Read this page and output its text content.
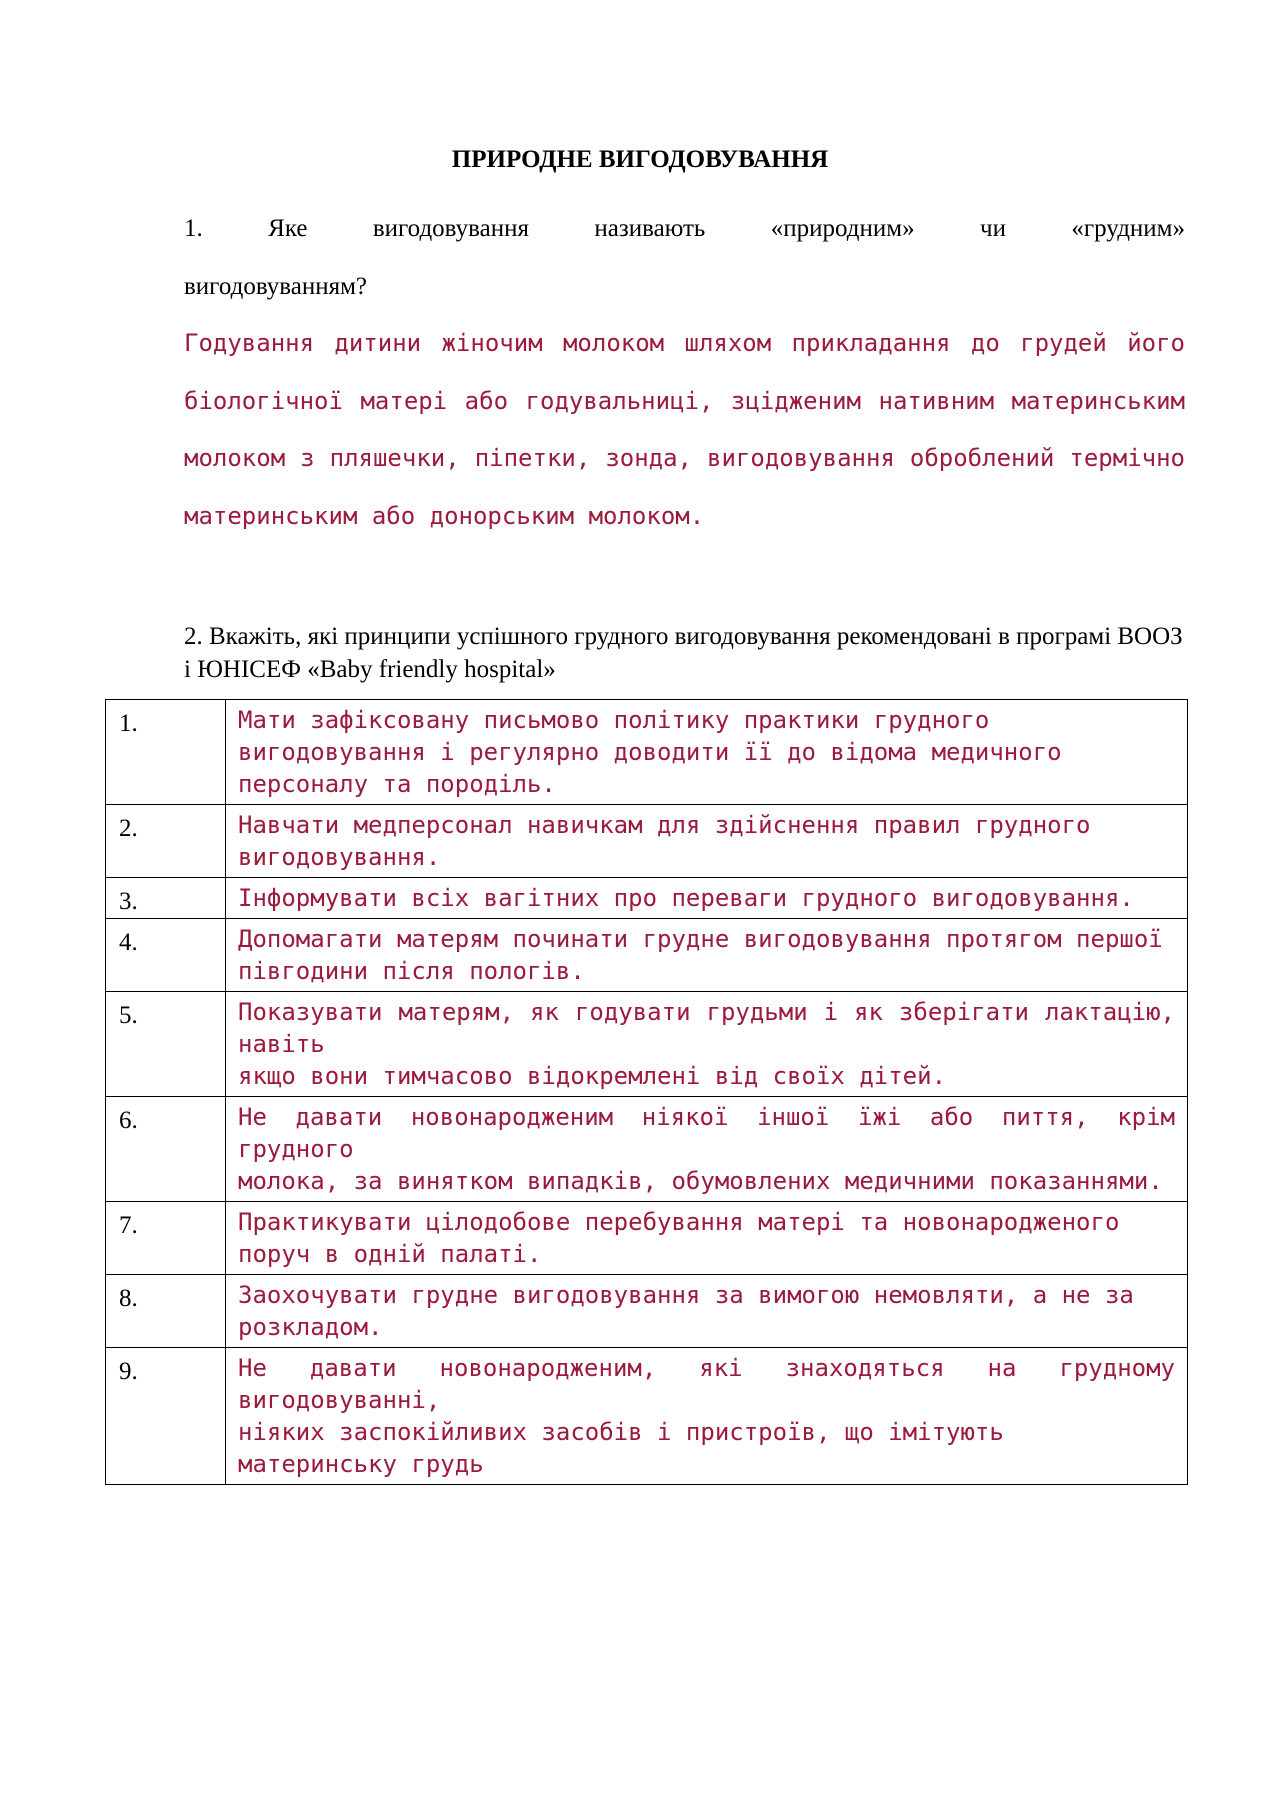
ПРИРОДНЕ ВИГОДОВУВАННЯ
1. Яке вигодовування називають «природним» чи «грудним»
вигодовуванням?

Годування дитини жіночим молоком шляхом прикладання до грудей його біологічної матері або годувальниці, зцідженим нативним материнським молоком з пляшечки, піпетки, зонда, вигодовування оброблений термічно материнським або донорським молоком.

2. Вкажіть, які принципи успішного грудного вигодовування рекомендовані в програмі ВООЗ і ЮНІСЕФ «Baby friendly hospital»
1.	Мати зафіксовану письмово політику практики грудного вигодовування і регулярно доводити її до відома медичного персоналу та породіль.

2.	Навчати медперсонал навичкам для здійснення правил грудного
вигодовування.

3.	Інформувати всіх вагітних про переваги грудного вигодовування.

4.	Допомагати матерям починати грудне вигодовування протягом першої
півгодини після пологів.

5.	Показувати матерям, як годувати грудьми і як зберігати лактацію, навіть
якщо вони тимчасово відокремлені від своїх дітей.

6.	Не давати новонародженим ніякої іншої їжі або пиття, крім грудного
молока, за винятком випадків, обумовлених медичними показаннями.

7.	Практикувати цілодобове перебування матері та новонародженого поруч в одній палаті.

8.	Заохочувати грудне вигодовування за вимогою немовляти, а не за
розкладом.

9.	Не давати новонародженим, які знаходяться на грудному вигодовуванні,
ніяких заспокійливих засобів і пристроїв, що імітують материнську грудь
